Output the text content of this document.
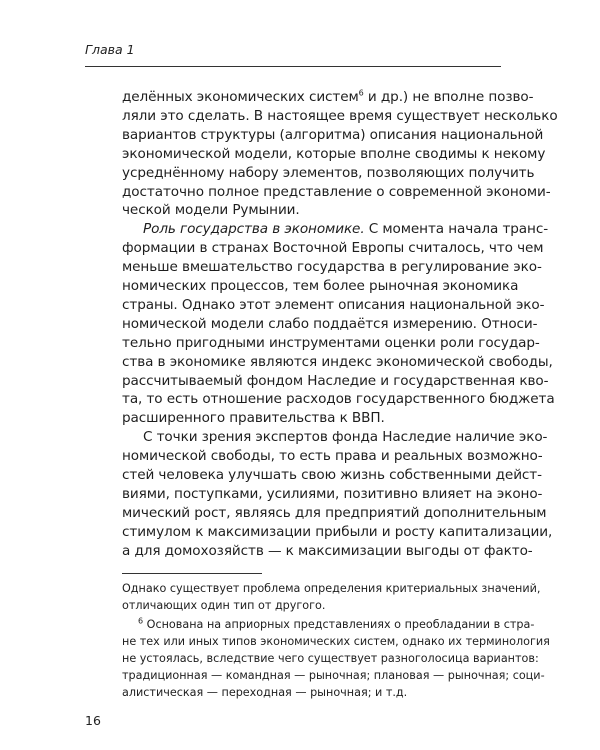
Глава 1
делённых экономических систем$^6$ и др.) не вполне позво-
ляли это сделать. В настоящее время существует несколько
вариантов структуры (алгоритма) описания национальной
экономической модели, которые вполне сводимы к некому
усреднённому набору элементов, позволяющих получить
достаточно полное представление о современной экономи-
ческой модели Румынии.
Роль государства в экономике. С момента начала транс-
формации в странах Восточной Европы считалось, что чем
меньше вмешательство государства в регулирование эко-
номических процессов, тем более рыночная экономика
страны. Однако этот элемент описания национальной эко-
номической модели слабо поддаётся измерению. Относи-
тельно пригодными инструментами оценки роли государ-
ства в экономике являются индекс экономической свободы,
рассчитываемый фондом Наследие и государственная кво-
та, то есть отношение расходов государственного бюджета
расширенного правительства к ВВП.
С точки зрения экспертов фонда Наследие наличие эко-
номической свободы, то есть права и реальных возможно-
стей человека улучшать свою жизнь собственными дейст-
виями, поступками, усилиями, позитивно влияет на эконо-
мический рост, являясь для предприятий дополнительным
стимулом к максимизации прибыли и росту капитализации,
а для домохозяйств — к максимизации выгоды от факто-
Однако существует проблема определения критериальных значений,
отличающих один тип от другого.
$^6$ Основана на априорных представлениях о преобладании в стра-
не тех или иных типов экономических систем, однако их терминология
не устоялась, вследствие чего существует разноголосица вариантов:
традиционная — командная — рыночная; плановая — рыночная; соци-
алистическая — переходная — рыночная; и т.д.
16
